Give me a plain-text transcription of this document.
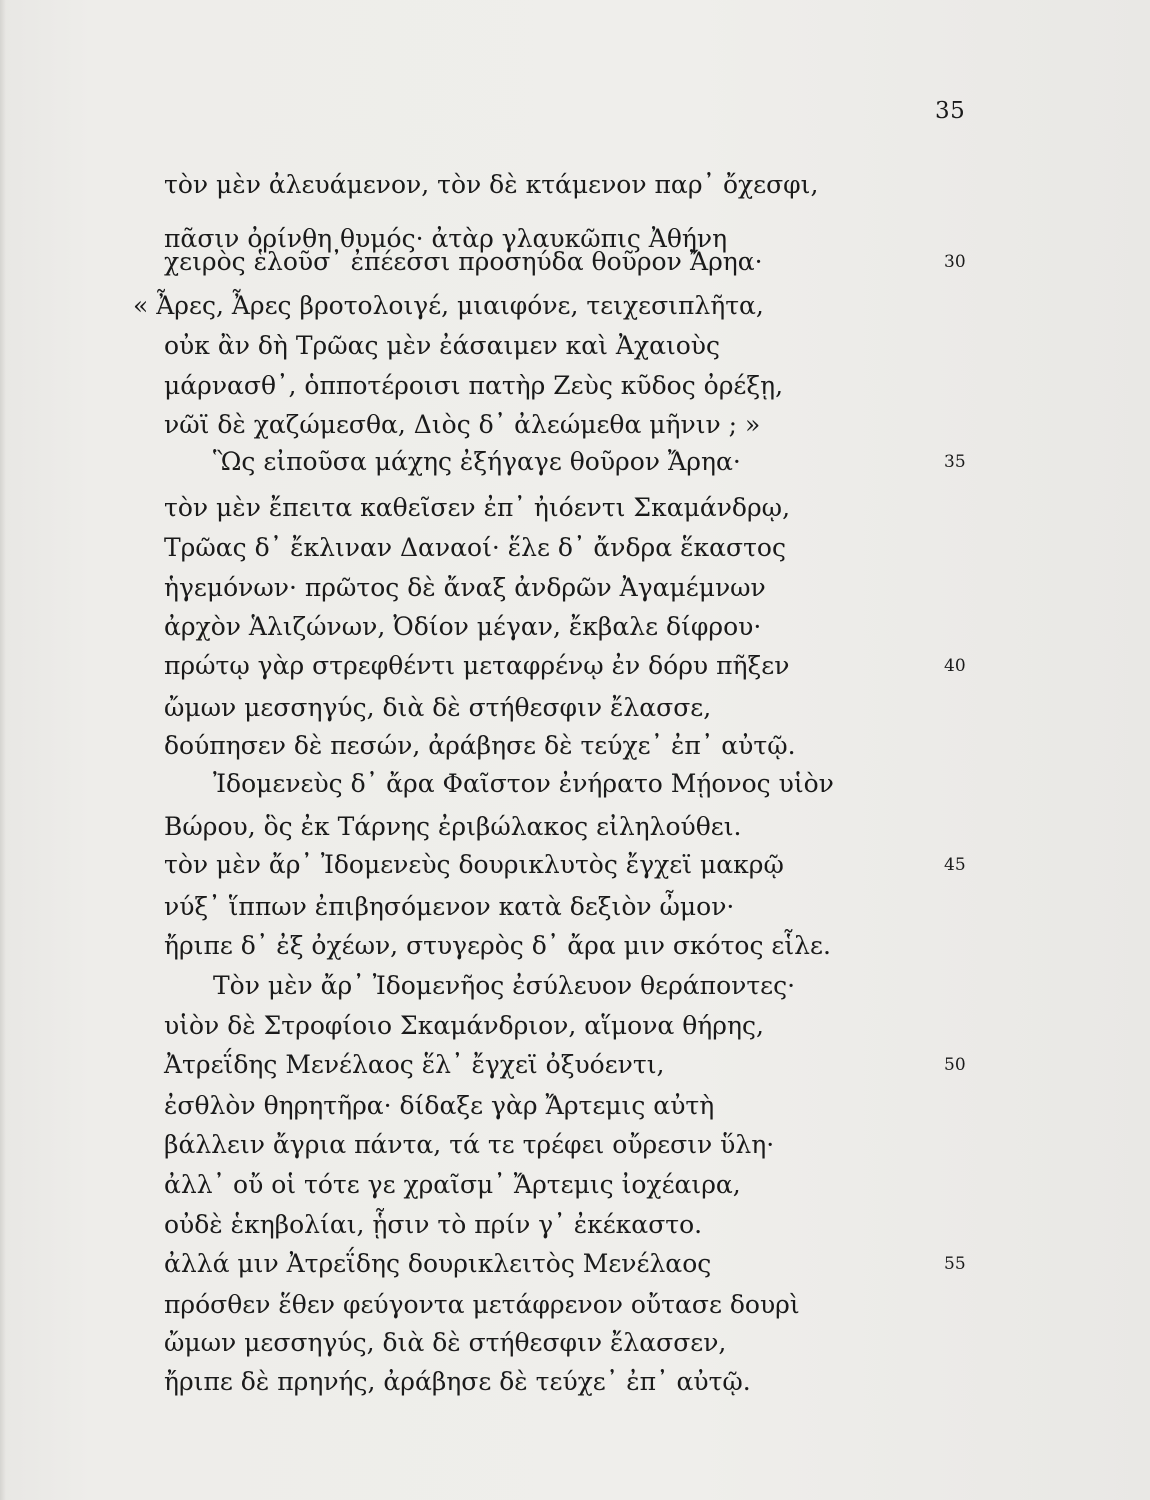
35
τὸν μὲν ἀλευάμενον, τὸν δὲ κτάμενον παρ᾽ ὄχεσφι,
πᾶσιν ὀρίνθη θυμός· ἀτὰρ γλαυκῶπις Ἀθήνη
χειρὸς ἑλοῦσ᾽ ἐπέεσσι προσηύδα θοῦρον Ἄρηα·	30
« Ἆρες, Ἆρες βροτολοιγέ, μιαιφόνε, τειχεσιπλῆτα,
οὐκ ἂν δὴ Τρῶας μὲν ἐάσαιμεν καὶ Ἀχαιοὺς
μάρνασθ᾽, ὁπποτέροισι πατὴρ Ζεὺς κῦδος ὀρέξῃ,
νῶϊ δὲ χαζώμεσθα, Διὸς δ᾽ ἀλεώμεθα μῆνιν ; »
Ὣς εἰποῦσα μάχης ἐξήγαγε θοῦρον Ἄρηα·	35
τὸν μὲν ἔπειτα καθεῖσεν ἐπ᾽ ἠιόεντι Σκαμάνδρῳ,
Τρῶας δ᾽ ἔκλιναν Δαναοί· ἕλε δ᾽ ἄνδρα ἕκαστος
ἡγεμόνων· πρῶτος δὲ ἄναξ ἀνδρῶν Ἀγαμέμνων
ἀρχὸν Ἁλιζώνων, Ὀδίον μέγαν, ἔκβαλε δίφρου·
πρώτῳ γὰρ στρεφθέντι μεταφρένῳ ἐν δόρυ πῆξεν	40
ὤμων μεσσηγύς, διὰ δὲ στήθεσφιν ἔλασσε,
δούπησεν δὲ πεσών, ἀράβησε δὲ τεύχε᾽ ἐπ᾽ αὐτῷ.
Ἰδομενεὺς δ᾽ ἄρα Φαῖστον ἐνήρατο Μῄονος υἱὸν
Βώρου, ὃς ἐκ Τάρνης ἐριβώλακος εἰληλούθει.
τὸν μὲν ἄρ᾽ Ἰδομενεὺς δουρικλυτὸς ἔγχεϊ μακρῷ	45
νύξ᾽ ἵππων ἐπιβησόμενον κατὰ δεξιὸν ὦμον·
ἤριπε δ᾽ ἐξ ὀχέων, στυγερὸς δ᾽ ἄρα μιν σκότος εἷλε.
Τὸν μὲν ἄρ᾽ Ἰδομενῆος ἐσύλευον θεράποντες·
υἱὸν δὲ Στροφίοιο Σκαμάνδριον, αἵμονα θήρης,
Ἀτρεΐδης Μενέλαος ἕλ᾽ ἔγχεϊ ὀξυόεντι,	50
ἐσθλὸν θηρητῆρα· δίδαξε γὰρ Ἄρτεμις αὐτὴ
βάλλειν ἄγρια πάντα, τά τε τρέφει οὔρεσιν ὕλη·
ἀλλ᾽ οὔ οἱ τότε γε χραῖσμ᾽ Ἄρτεμις ἰοχέαιρα,
οὐδὲ ἑκηβολίαι, ᾗσιν τὸ πρίν γ᾽ ἐκέκαστο.
ἀλλά μιν Ἀτρεΐδης δουρικλειτὸς Μενέλαος	55
πρόσθεν ἕθεν φεύγοντα μετάφρενον οὔτασε δουρὶ
ὤμων μεσσηγύς, διὰ δὲ στήθεσφιν ἔλασσεν,
ἤριπε δὲ πρηνής, ἀράβησε δὲ τεύχε᾽ ἐπ᾽ αὐτῷ.
